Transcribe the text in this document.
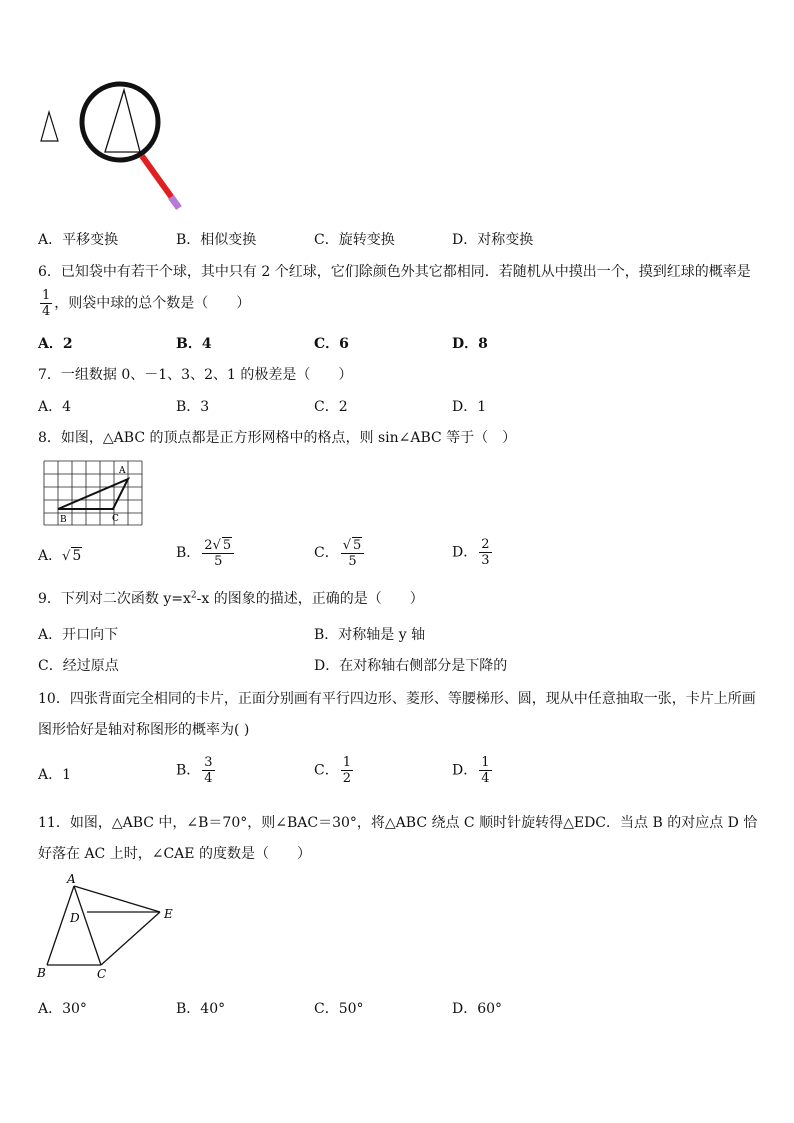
A．平移变换	B．相似变换	C．旋转变换	D．对称变换
6．已知袋中有若干个球，其中只有 2 个红球，它们除颜色外其它都相同．若随机从中摸出一个，摸到红球的概率是
$\frac{1}{4}$ ，则袋中球的总个数是（　　）
A．2	B．4	C．6	D．8
7．一组数据 0、－1、3、2、1 的极差是（　　）
A．4	B．3	C．2	D．1
8．如图，△ABC 的顶点都是正方形网格中的格点，则 sin∠ABC 等于（　）
A
B	C
A．√ 5	B． $\frac{2√ 5}{5}$	C． $\frac{√ 5}{5}$	D． $\frac{2}{3}$
9．下列对二次函数 $y=x^2-x$ 的图象的描述，正确的是（　　）
A．开口向下	B．对称轴是 y 轴
C．经过原点	D．在对称轴右侧部分是下降的
10．四张背面完全相同的卡片，正面分别画有平行四边形、菱形、等腰梯形、圆，现从中任意抽取一张，卡片上所画
图形恰好是轴对称图形的概率为( )
A．1	B． $\frac{3}{4}$	C． $\frac{1}{2}$	D． $\frac{1}{4}$
11．如图，△ABC 中，∠B＝70°，则∠BAC＝30°，将△ABC 绕点 C 顺时针旋转得△EDC．当点 B 的对应点 D 恰
好落在 AC 上时，∠CAE 的度数是（　　）
A
B	C
D	E
A．30°	B．40°	C．50°	D．60°
